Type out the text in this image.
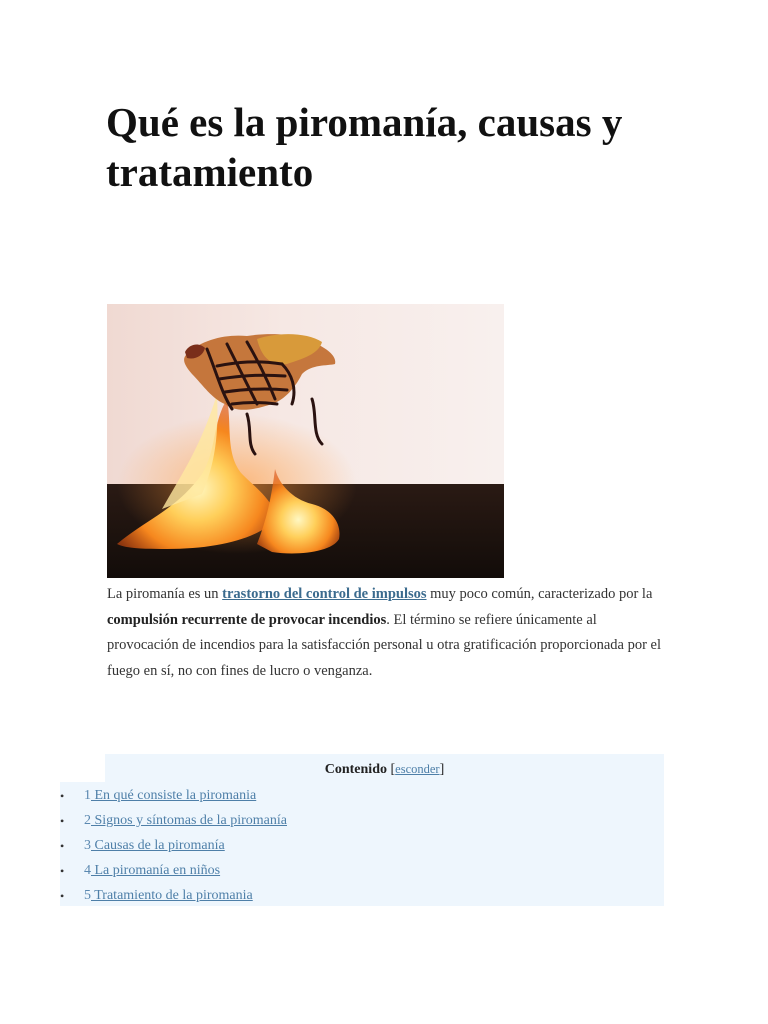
Qué es la piromanía, causas y tratamiento

La piromanía es un trastorno del control de impulsos muy poco común, caracterizado por la compulsión recurrente de provocar incendios. El término se refiere únicamente al provocación de incendios para la satisfacción personal u otra gratificación proporcionada por el fuego en sí, no con fines de lucro o venganza.

Contenido [esconder]
• 1 En qué consiste la piromania
• 2 Signos y síntomas de la piromanía
• 3 Causas de la piromanía
• 4 La piromanía en niños
• 5 Tratamiento de la piromania
